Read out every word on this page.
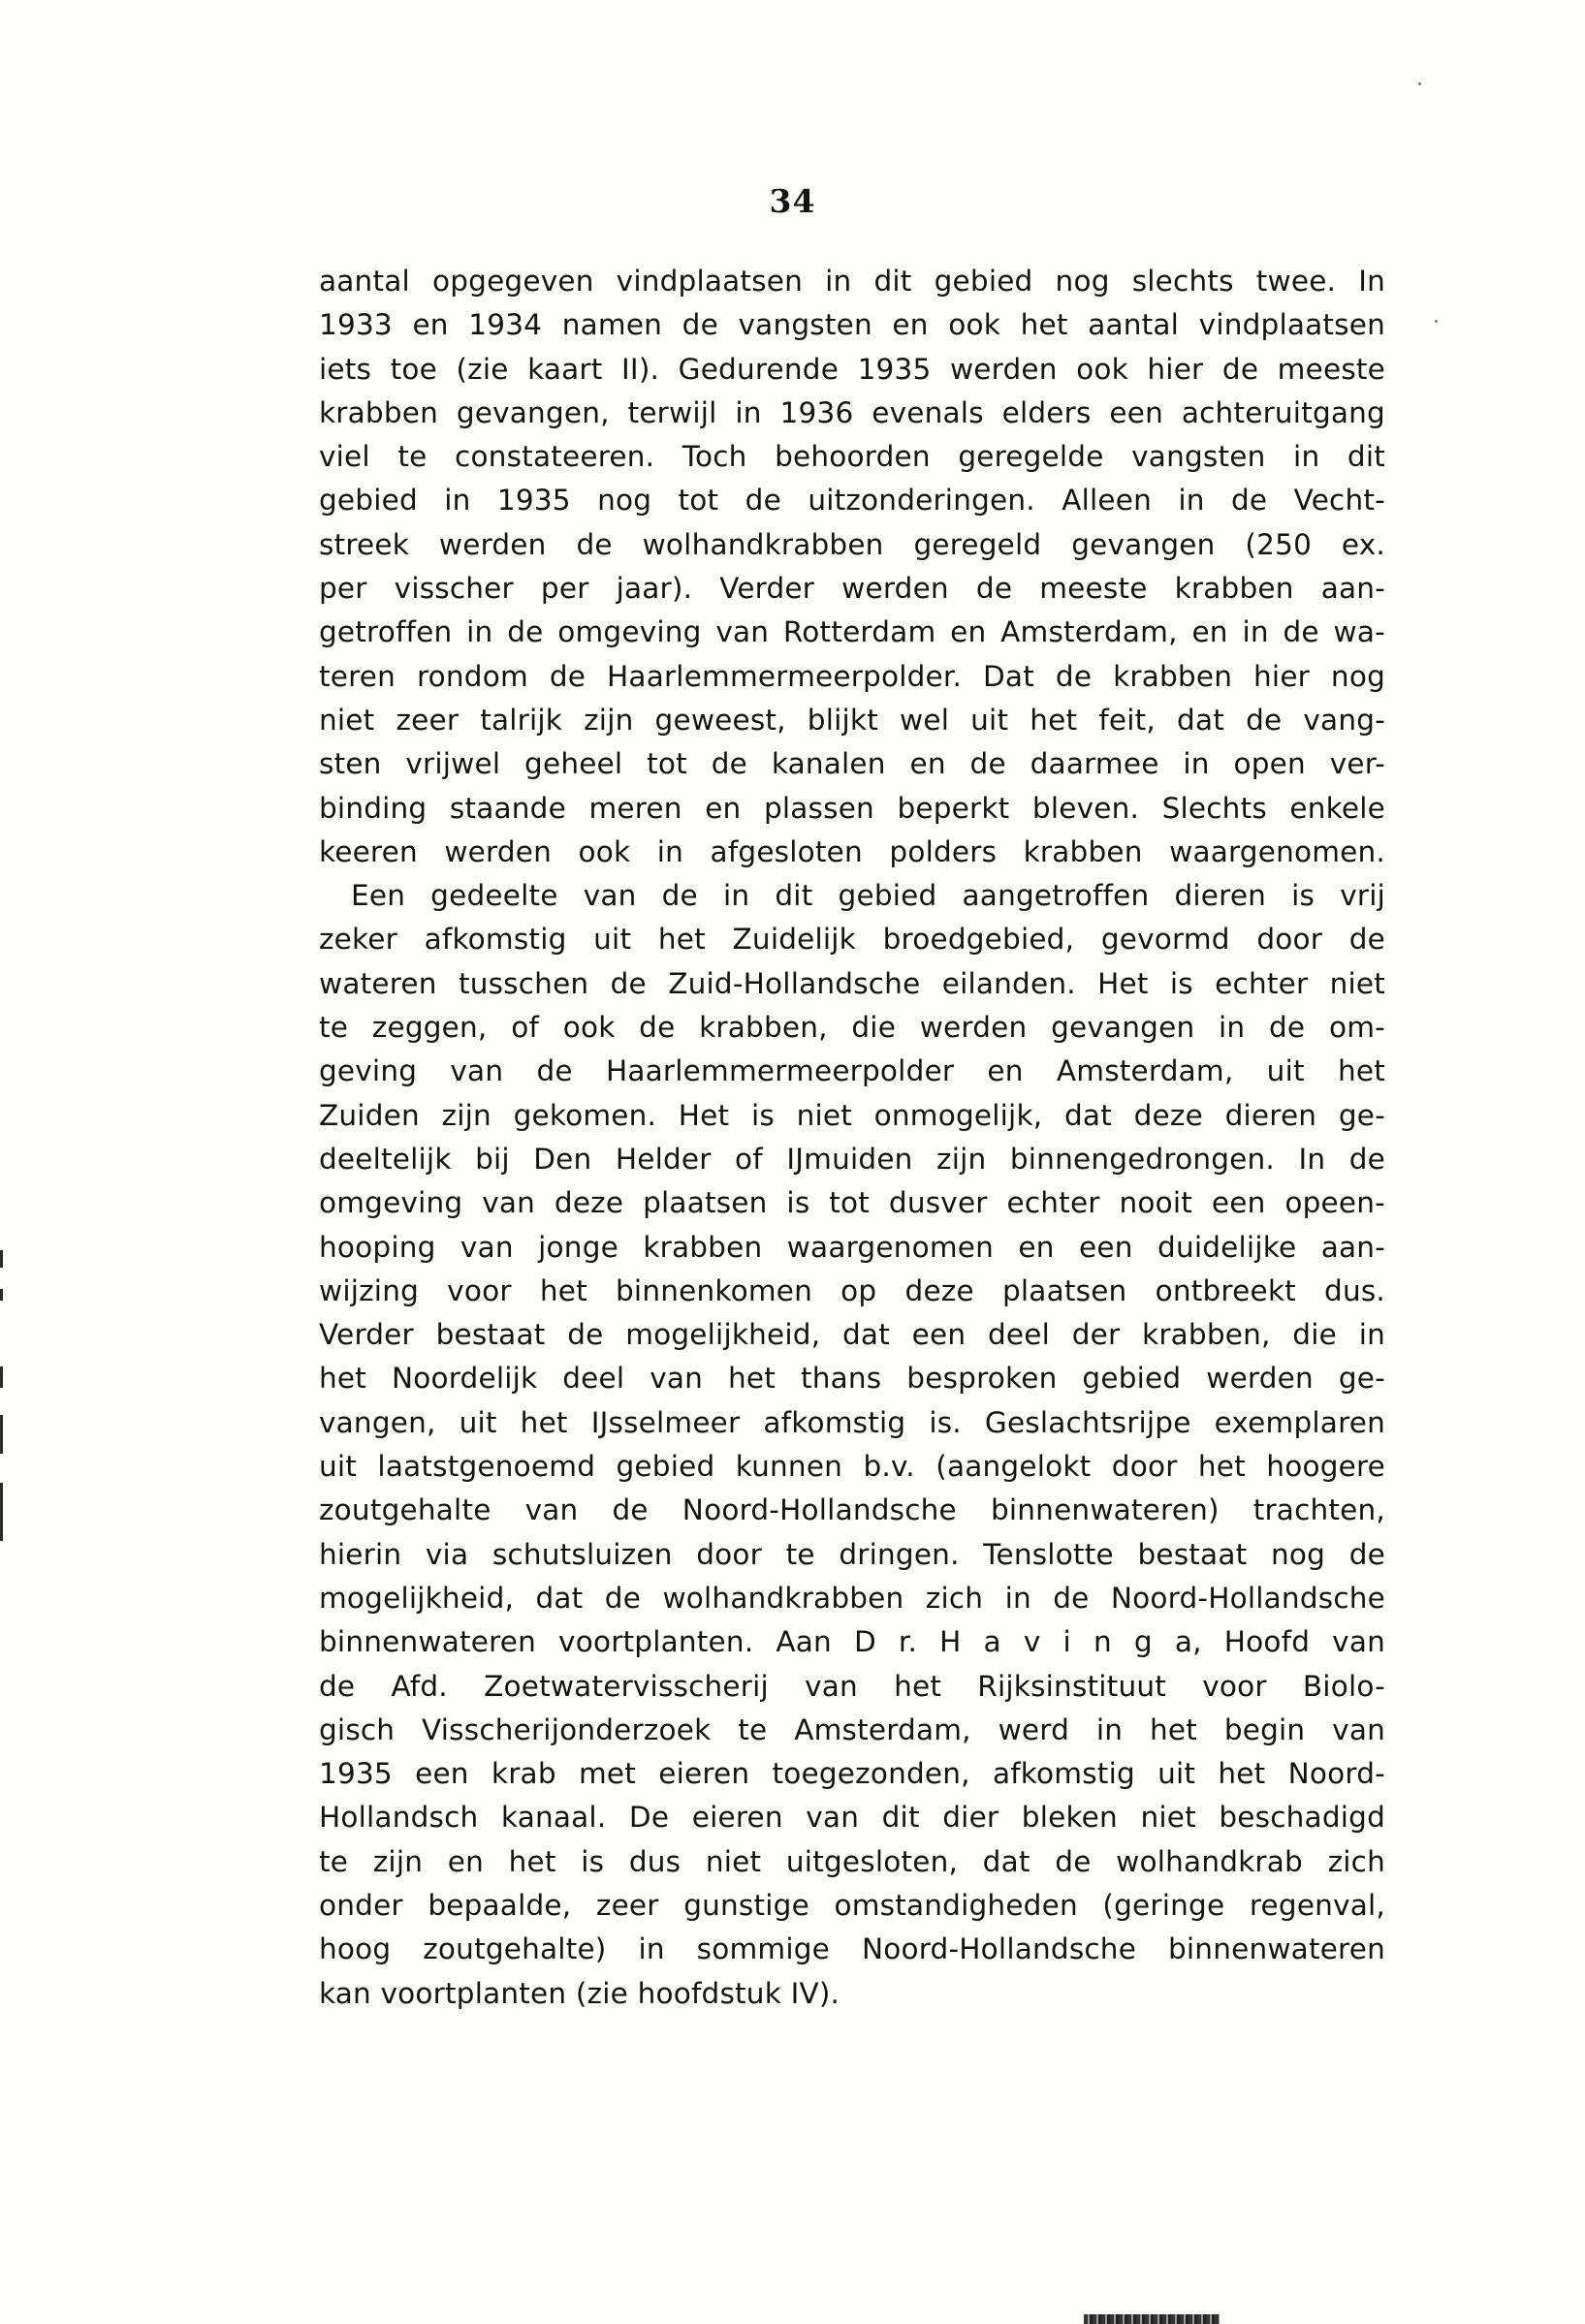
34
aantal opgegeven vindplaatsen in dit gebied nog slechts twee. In
1933 en 1934 namen de vangsten en ook het aantal vindplaatsen
iets toe (zie kaart II). Gedurende 1935 werden ook hier de meeste
krabben gevangen, terwijl in 1936 evenals elders een achteruitgang
viel te constateeren. Toch behoorden geregelde vangsten in dit
gebied in 1935 nog tot de uitzonderingen. Alleen in de Vecht-
streek werden de wolhandkrabben geregeld gevangen (250 ex.
per visscher per jaar). Verder werden de meeste krabben aan-
getroffen in de omgeving van Rotterdam en Amsterdam, en in de wa-
teren rondom de Haarlemmermeerpolder. Dat de krabben hier nog
niet zeer talrijk zijn geweest, blijkt wel uit het feit, dat de vang-
sten vrijwel geheel tot de kanalen en de daarmee in open ver-
binding staande meren en plassen beperkt bleven. Slechts enkele
keeren werden ook in afgesloten polders krabben waargenomen.
Een gedeelte van de in dit gebied aangetroffen dieren is vrij
zeker afkomstig uit het Zuidelijk broedgebied, gevormd door de
wateren tusschen de Zuid-Hollandsche eilanden. Het is echter niet
te zeggen, of ook de krabben, die werden gevangen in de om-
geving van de Haarlemmermeerpolder en Amsterdam, uit het
Zuiden zijn gekomen. Het is niet onmogelijk, dat deze dieren ge-
deeltelijk bij Den Helder of IJmuiden zijn binnengedrongen. In de
omgeving van deze plaatsen is tot dusver echter nooit een opeen-
hooping van jonge krabben waargenomen en een duidelijke aan-
wijzing voor het binnenkomen op deze plaatsen ontbreekt dus.
Verder bestaat de mogelijkheid, dat een deel der krabben, die in
het Noordelijk deel van het thans besproken gebied werden ge-
vangen, uit het IJsselmeer afkomstig is. Geslachtsrijpe exemplaren
uit laatstgenoemd gebied kunnen b.v. (aangelokt door het hoogere
zoutgehalte van de Noord-Hollandsche binnenwateren) trachten,
hierin via schutsluizen door te dringen. Tenslotte bestaat nog de
mogelijkheid, dat de wolhandkrabben zich in de Noord-Hollandsche
binnenwateren voortplanten. Aan D r. H a v i n g a, Hoofd van
de Afd. Zoetwatervisscherij van het Rijksinstituut voor Biolo-
gisch Visscherijonderzoek te Amsterdam, werd in het begin van
1935 een krab met eieren toegezonden, afkomstig uit het Noord-
Hollandsch kanaal. De eieren van dit dier bleken niet beschadigd
te zijn en het is dus niet uitgesloten, dat de wolhandkrab zich
onder bepaalde, zeer gunstige omstandigheden (geringe regenval,
hoog zoutgehalte) in sommige Noord-Hollandsche binnenwateren
kan voortplanten (zie hoofdstuk IV).
